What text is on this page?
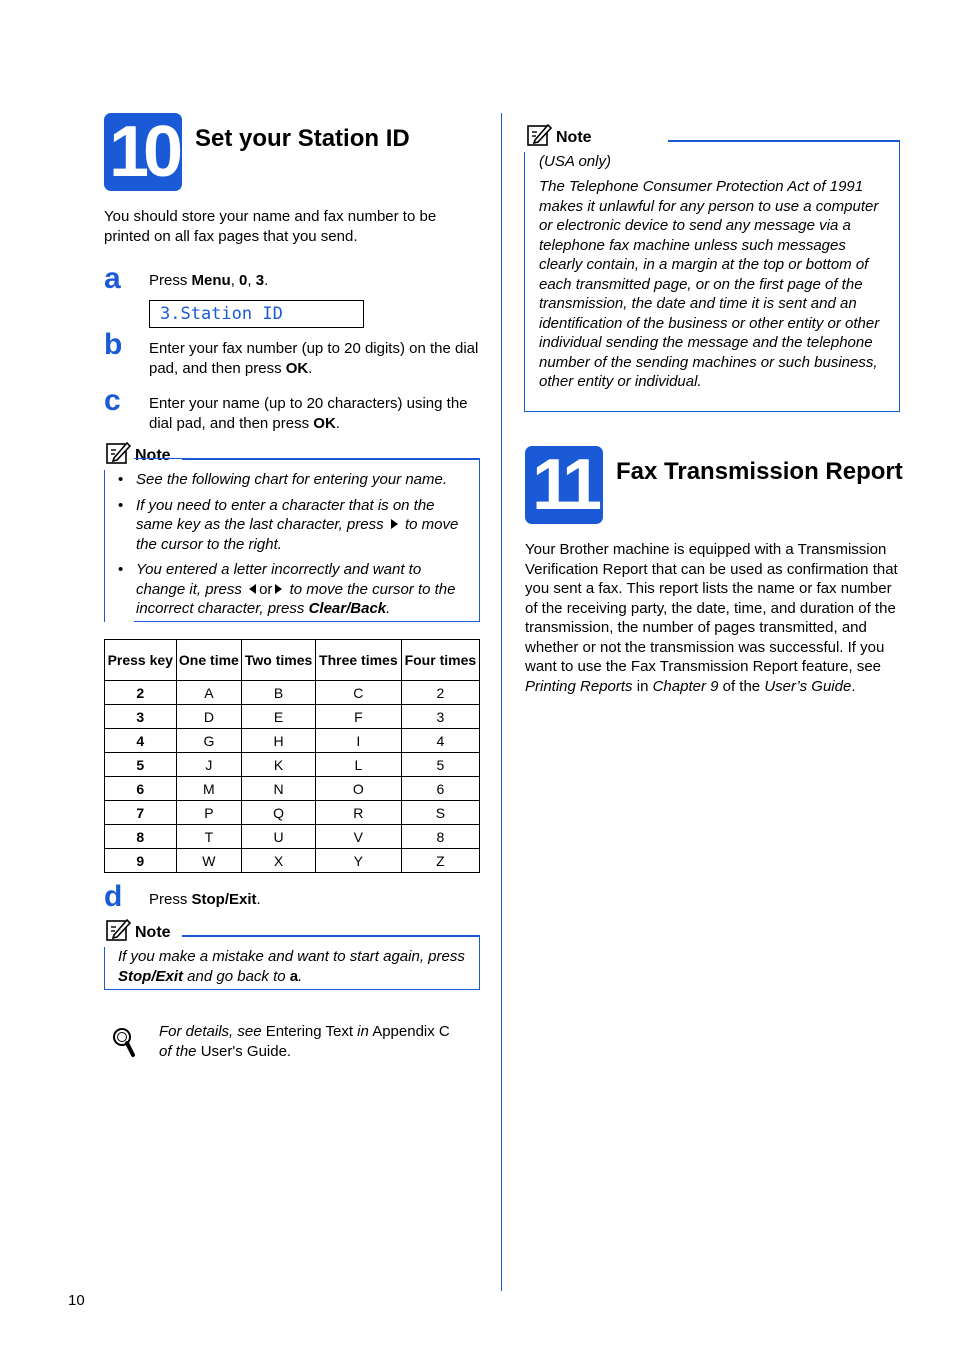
10 Set your Station ID
You should store your name and fax number to be printed on all fax pages that you send.
a Press Menu, 0, 3.
3.Station ID
b Enter your fax number (up to 20 digits) on the dial pad, and then press OK.
c Enter your name (up to 20 characters) using the dial pad, and then press OK.
Note
• See the following chart for entering your name.
• If you need to enter a character that is on the same key as the last character, press  to move the cursor to the right.
• You entered a letter incorrectly and want to change it, press or to move the cursor to the incorrect character, press Clear/Back.
Press key	One time	Two times	Three times	Four times
2	A	B	C	2
3	D	E	F	3
4	G	H	I	4
5	J	K	L	5
6	M	N	O	6
7	P	Q	R	S
8	T	U	V	8
9	W	X	Y	Z
d Press Stop/Exit.
Note
If you make a mistake and want to start again, press Stop/Exit and go back to a.
For details, see Entering Text in Appendix C
of the User's Guide.
Note
(USA only)
The Telephone Consumer Protection Act of 1991 makes it unlawful for any person to use a computer or electronic device to send any message via a telephone fax machine unless such messages clearly contain, in a margin at the top or bottom of each transmitted page, or on the first page of the transmission, the date and time it is sent and an identification of the business or other entity or other individual sending the message and the telephone number of the sending machines or such business, other entity or individual.
11 Fax Transmission Report
Your Brother machine is equipped with a Transmission Verification Report that can be used as confirmation that you sent a fax. This report lists the name or fax number of the receiving party, the date, time, and duration of the transmission, the number of pages transmitted, and whether or not the transmission was successful. If you want to use the Fax Transmission Report feature, see Printing Reports in Chapter 9 of the User’s Guide.
10
